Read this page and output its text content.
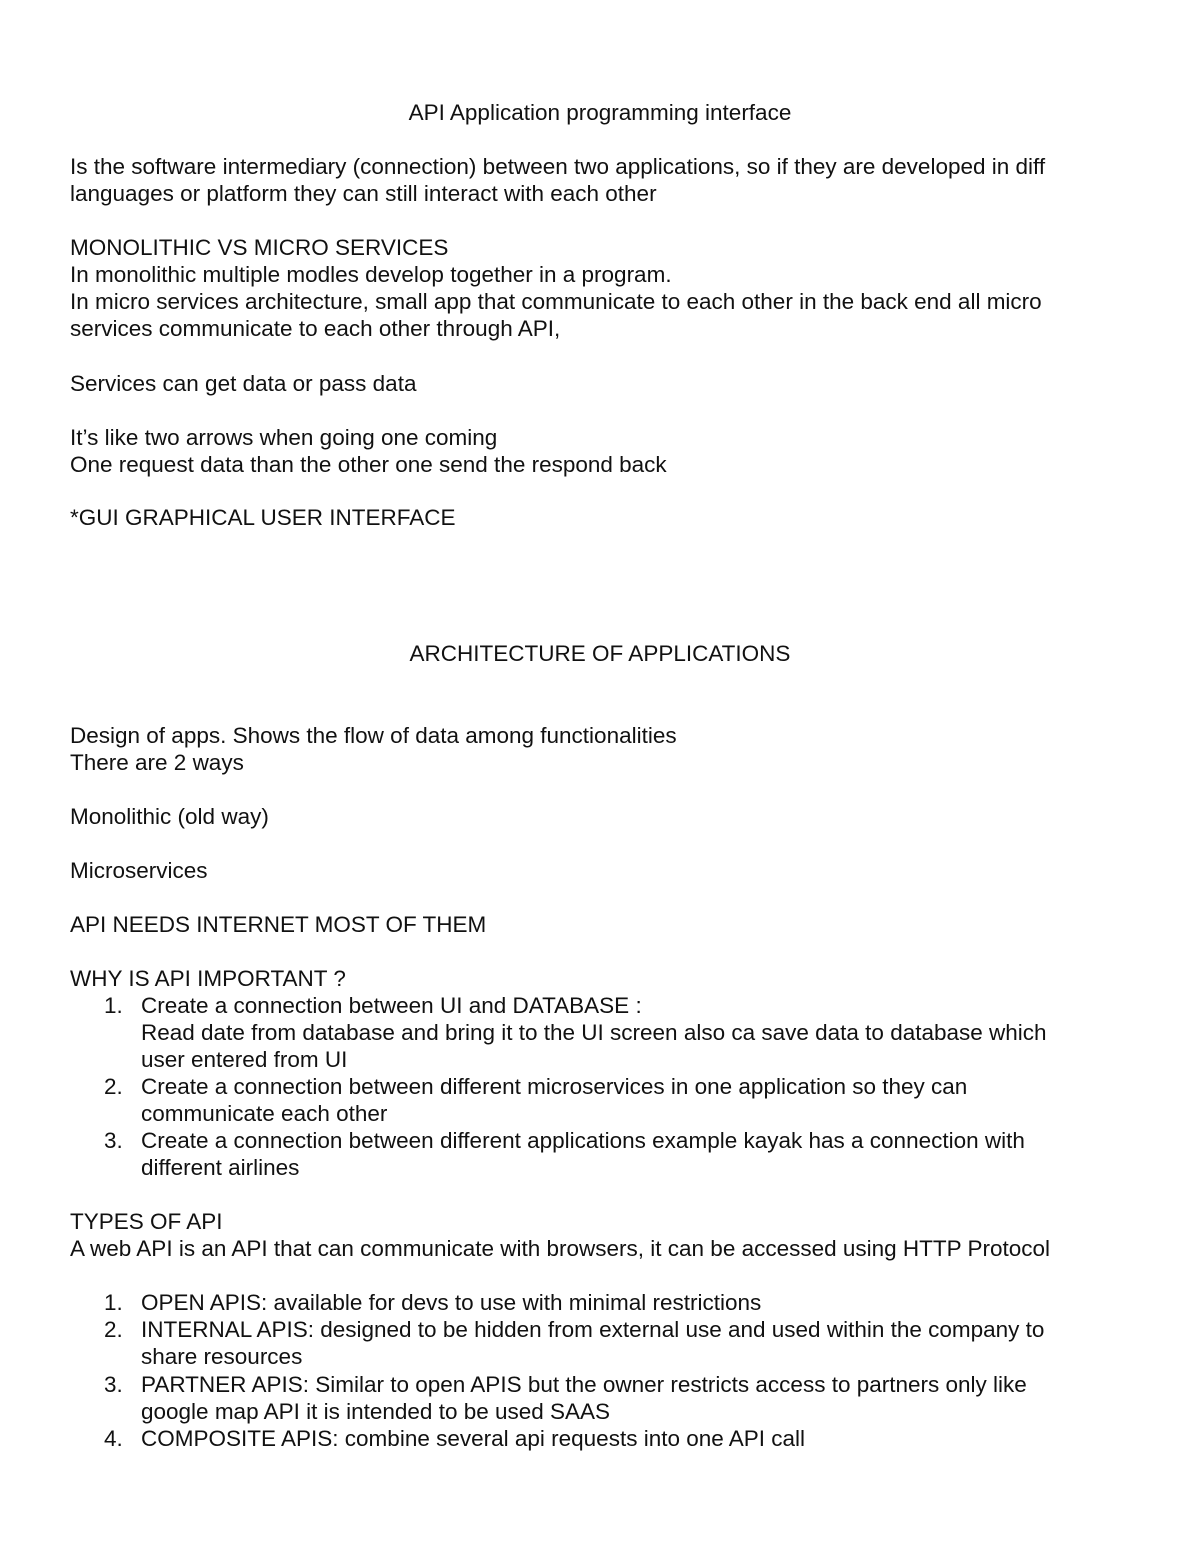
API Application programming interface
Is the software intermediary (connection) between two applications, so if they are developed in diff
languages or platform they can still interact with each other
MONOLITHIC VS MICRO SERVICES
In monolithic multiple modles develop together in a program.
In micro services architecture, small app that communicate to each other in the back end all micro
services communicate to each other through API,
Services can get data or pass data
It’s like two arrows when going one coming
One request data than the other one send the respond back
*GUI GRAPHICAL USER INTERFACE
ARCHITECTURE OF APPLICATIONS
Design of apps. Shows the flow of data among functionalities
There are 2 ways
Monolithic (old way)
Microservices
API NEEDS INTERNET MOST OF THEM
WHY IS API IMPORTANT ?
1. Create a connection between UI and DATABASE :
Read date from database and bring it to the UI screen also ca save data to database which
user entered from UI
2. Create a connection between different microservices in one application so they can
communicate each other
3. Create a connection between different applications example kayak has a connection with
different airlines
TYPES OF API
A web API is an API that can communicate with browsers, it can be accessed using HTTP Protocol
1. OPEN APIS: available for devs to use with minimal restrictions
2. INTERNAL APIS: designed to be hidden from external use and used within the company to
share resources
3. PARTNER APIS: Similar to open APIS but the owner restricts access to partners only like
google map API it is intended to be used SAAS
4. COMPOSITE APIS: combine several api requests into one API call
